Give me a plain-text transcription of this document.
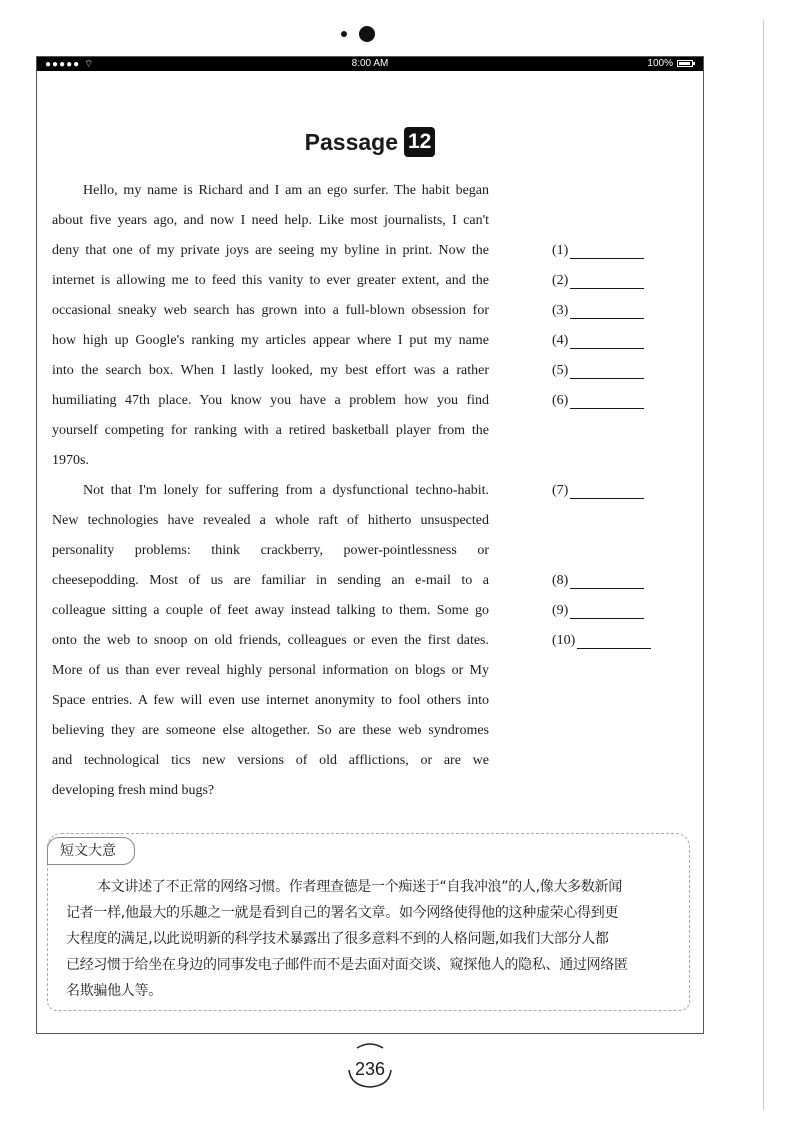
●●●●● ⌔	8:00 AM	100%
Passage 12
Hello, my name is Richard and I am an ego surfer. The habit began
about five years ago, and now I need help. Like most journalists, I can't
deny that one of my private joys are seeing my byline in print. Now the
internet is allowing me to feed this vanity to ever greater extent, and the
occasional sneaky web search has grown into a full-blown obsession for
how high up Google's ranking my articles appear where I put my name
into the search box. When I lastly looked, my best effort was a rather
humiliating 47th place. You know you have a problem how you find
yourself competing for ranking with a retired basketball player from the
1970s.
Not that I'm lonely for suffering from a dysfunctional techno-habit.
New technologies have revealed a whole raft of hitherto unsuspected
personality problems: think crackberry, power-pointlessness or
cheesepodding. Most of us are familiar in sending an e-mail to a
colleague sitting a couple of feet away instead talking to them. Some go
onto the web to snoop on old friends, colleagues or even the first dates.
More of us than ever reveal highly personal information on blogs or My
Space entries. A few will even use internet anonymity to fool others into
believing they are someone else altogether. So are these web syndromes
and technological tics new versions of old afflictions, or are we
developing fresh mind bugs?
(1)
(2)
(3)
(4)
(5)
(6)
(7)
(8)
(9)
(10)
短文大意
本文讲述了不正常的网络习惯。作者理查德是一个痴迷于“自我冲浪”的人,像大多数新闻
记者一样,他最大的乐趣之一就是看到自己的署名文章。如今网络使得他的这种虚荣心得到更
大程度的满足,以此说明新的科学技术暴露出了很多意料不到的人格问题,如我们大部分人都
已经习惯于给坐在身边的同事发电子邮件而不是去面对面交谈、窥探他人的隐私、通过网络匿
名欺骗他人等。
236
